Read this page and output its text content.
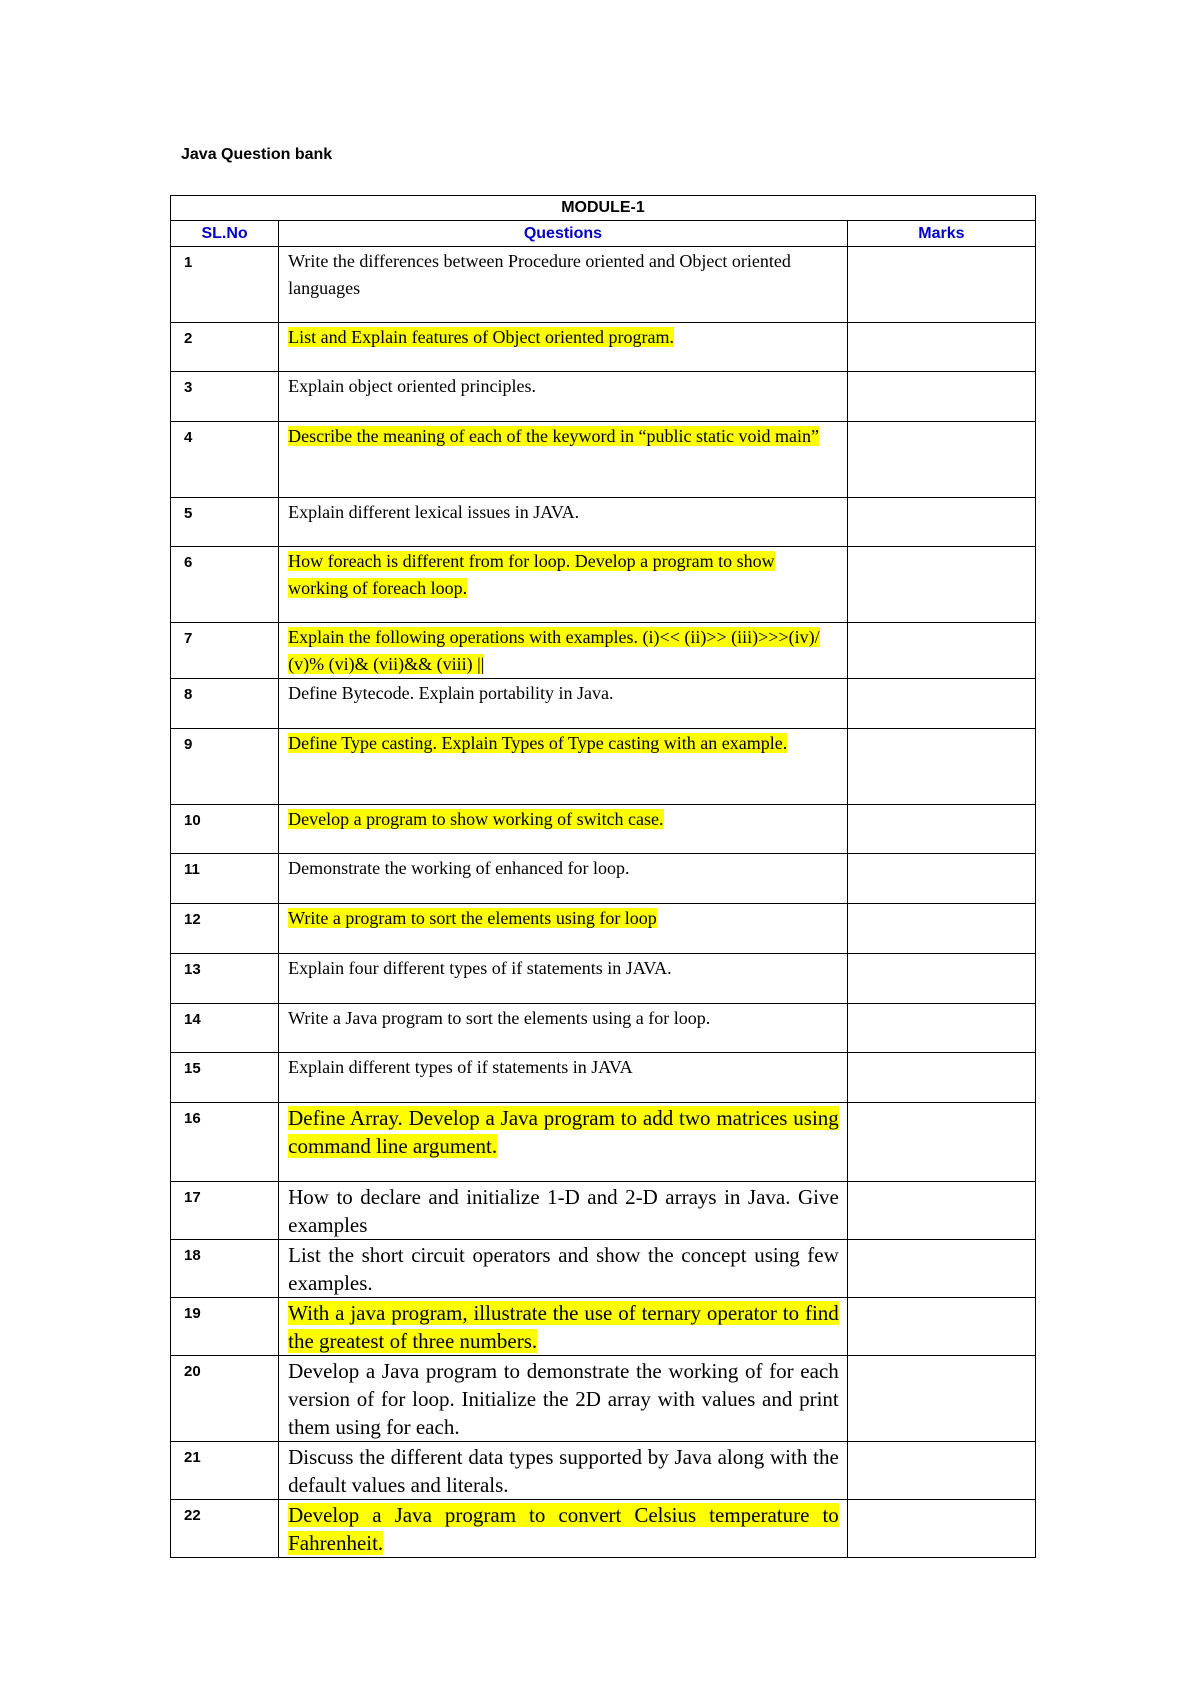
Java Question bank
MODULE-1		
SL.No	Questions	Marks
1	Write the differences between Procedure oriented and Object oriented languages	
2	List and Explain features of Object oriented program.	
3	Explain object oriented principles.	
4	Describe the meaning of each of the keyword in “public static void main”	
5	Explain different lexical issues in JAVA.	
6	How foreach is different from for loop. Develop a program to show working of foreach loop.	
7	Explain the following operations with examples. (i)<< (ii)>> (iii)>>>(iv)/ (v)% (vi)& (vii)&& (viii) ||	
8	Define Bytecode. Explain portability in Java.	
9	Define Type casting. Explain Types of Type casting with an example.	
10	Develop a program to show working of switch case.	
11	Demonstrate the working of enhanced for loop.	
12	Write a program to sort the elements using for loop	
13	Explain four different types of if statements in JAVA.	
14	Write a Java program to sort the elements using a for loop.	
15	Explain different types of if statements in JAVA	
16	Define Array. Develop a Java program to add two matrices using command line argument.	
17	How to declare and initialize 1-D and 2-D arrays in Java. Give examples	
18	List the short circuit operators and show the concept using few examples.	
19	With a java program, illustrate the use of ternary operator to find the greatest of three numbers.	
20	Develop a Java program to demonstrate the working of for each version of for loop. Initialize the 2D array with values and print them using for each.	
21	Discuss the different data types supported by Java along with the default values and literals.	
22	Develop a Java program to convert Celsius temperature to Fahrenheit.	
